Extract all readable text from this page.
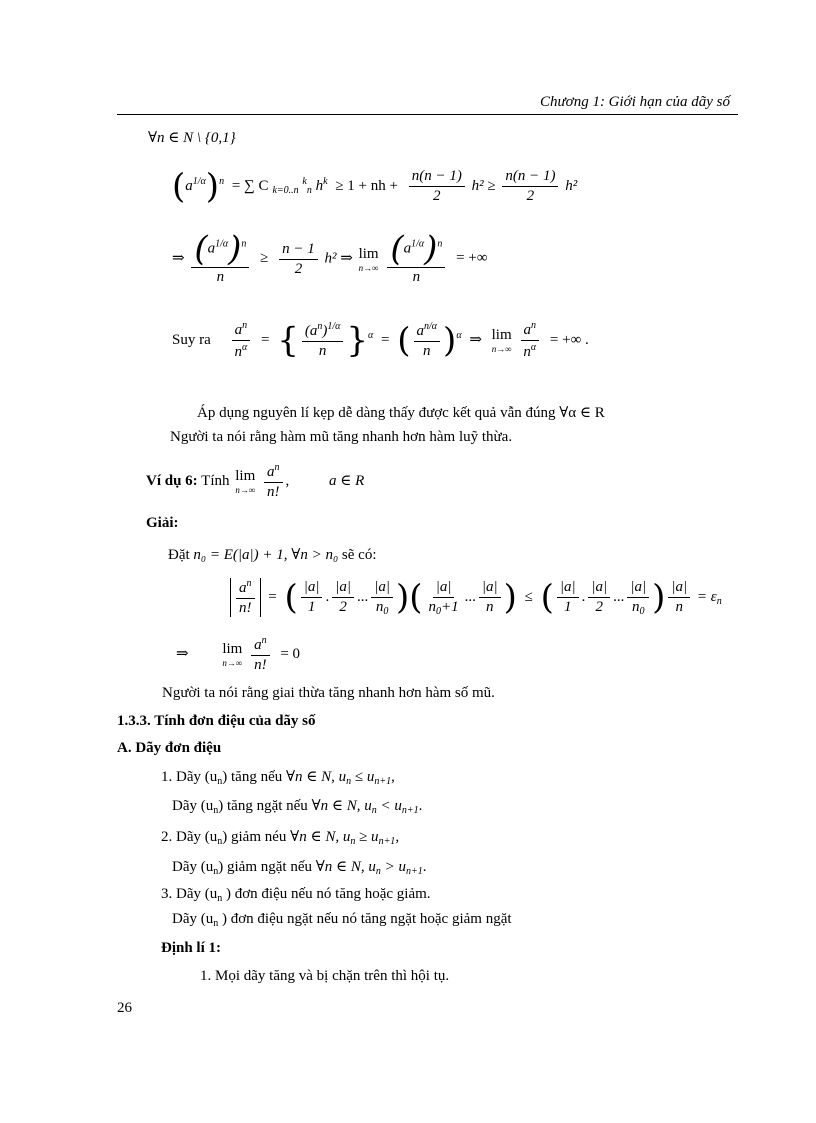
Chương 1: Giới hạn của dãy số
∀n ∈ N \ {0,1}
$(a^{1/\alpha})^n$ = ∑ C $_{k=0..n}$ $^k_n$ $h^k \ge 1$ + nh + $\frac{n(n - 1)}{2} h^2 \ge \frac{n(n - 1)}{2} h^2$
⇒ $\frac{(a^{1/\alpha})^n}{n} \ge \frac{n - 1}{2} h^2$ ⇒ lim
n→∞
$\frac{(a^{1/\alpha})^n}{n}$ = +∞
Suy ra $\frac{a^n}{n^\alpha}$ = { $\frac{(a^n)^{1/\alpha}}{n} \}^\alpha$ = ( $\frac{a^{n/\alpha}}{n} )^\alpha$ ⇒ lim
n→∞
$\frac{a^n}{n^\alpha}$ = +∞ .
Áp dụng nguyên lí kẹp dễ dàng thấy được kết quả vẫn đúng ∀α ∈ R
Người ta nói rằng hàm mũ tăng nhanh hơn hàm luỹ thừa.
Ví dụ 6: Tính lim
n→∞
$\frac{a^n}{n!}$ ,	a ∈ R
Giải:
Đặt n₀ = E(|a|) + 1, ∀n > n₀ sẽ có:
$\frac{a^n}{n!}$ = ( $\frac{|a|}{1}$ . $\frac{|a|}{2}$ ... $\frac{|a|}{n_0}$ )( $\frac{|a|}{n_0+1}$ ... $\frac{|a|}{n}$ ) ≤ ( $\frac{|a|}{1}$ . $\frac{|a|}{2}$ ... $\frac{|a|}{n_0}$ ) $\frac{|a|}{n} = \varepsilon_n$
⇒ lim
n→∞
$\frac{a^n}{n!} = 0$
Người ta nói rằng giai thừa tăng nhanh hơn hàm số mũ.
1.3.3. Tính đơn điệu của dãy số
A. Dãy đơn điệu
1. Dãy $(u_n)$ tăng nếu ∀n ∈ N, $u_n \le u_{n+1}$,
Dãy $(u_n)$ tăng ngặt nếu ∀n ∈ N, $u_n < u_{n+1}$.
2. Dãy $(u_n)$ giảm néu ∀n ∈ N, $u_n \ge u_{n+1}$,
Dãy $(u_n)$ giảm ngặt nếu ∀n ∈ N, $u_n > u_{n+1}$.
3. Dãy ($u_n$ ) đơn điệu nếu nó tăng hoặc giảm.
Dãy ($u_n$ ) đơn điệu ngặt nếu nó tăng ngặt hoặc giảm ngặt
Định lí 1:
1. Mọi dãy tăng và bị chặn trên thì hội tụ.
26
